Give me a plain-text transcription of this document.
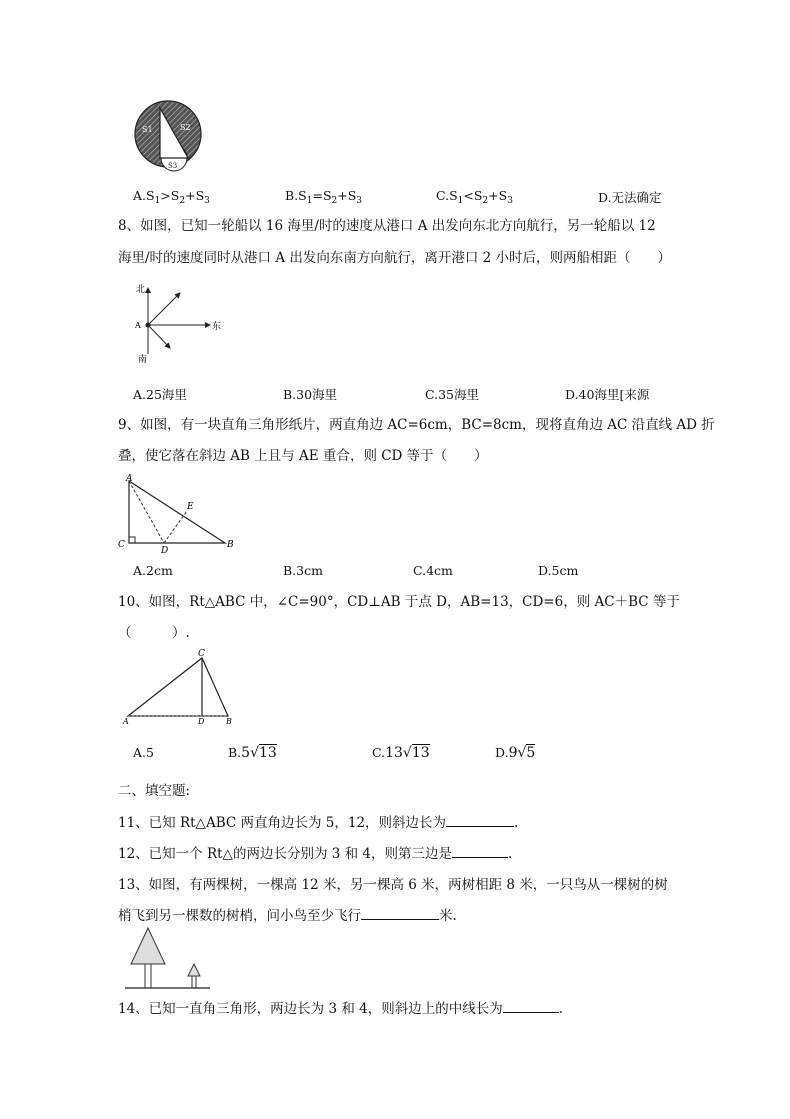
S1	S2
S3
$A.S_1>S_2+S_3$	$B.S_1=S_2+S_3$	$C.S_1<S_2+S_3$	D.无法确定
8、如图，已知一轮船以 16 海里/时的速度从港口 A 出发向东北方向航行，另一轮船以 12
海里/时的速度同时从港口 A 出发向东南方向航行，离开港口 2 小时后，则两船相距（　　）
北
南
东
A
A.25海里	B.30海里	C.35海里	D.40海里[来源
9、如图，有一块直角三角形纸片，两直角边 AC=6cm，BC=8cm，现将直角边 AC 沿直线 AD 折
叠，使它落在斜边 AB 上且与 AE 重合，则 CD 等于（　　）
A
C	B
D
E
A.2cm	B.3cm	C.4cm	D.5cm
10、如图，Rt△ABC 中，∠C=90°，CD⊥AB 于点 D，AB=13，CD=6，则 AC＋BC 等于
（　　　）.
C
A	D	B
A.5	B.5√13	C.13√13	D.9√5
二、填空题:
11、已知 Rt△ABC 两直角边长为 5，12，则斜边长为	.
12、已知一个 Rt△的两边长分别为 3 和 4，则第三边是	.
13、如图，有两棵树，一棵高 12 米，另一棵高 6 米，两树相距 8 米，一只鸟从一棵树的树
梢飞到另一棵数的树梢，问小鸟至少飞行	米.
14、已知一直角三角形，两边长为 3 和 4，则斜边上的中线长为	.
